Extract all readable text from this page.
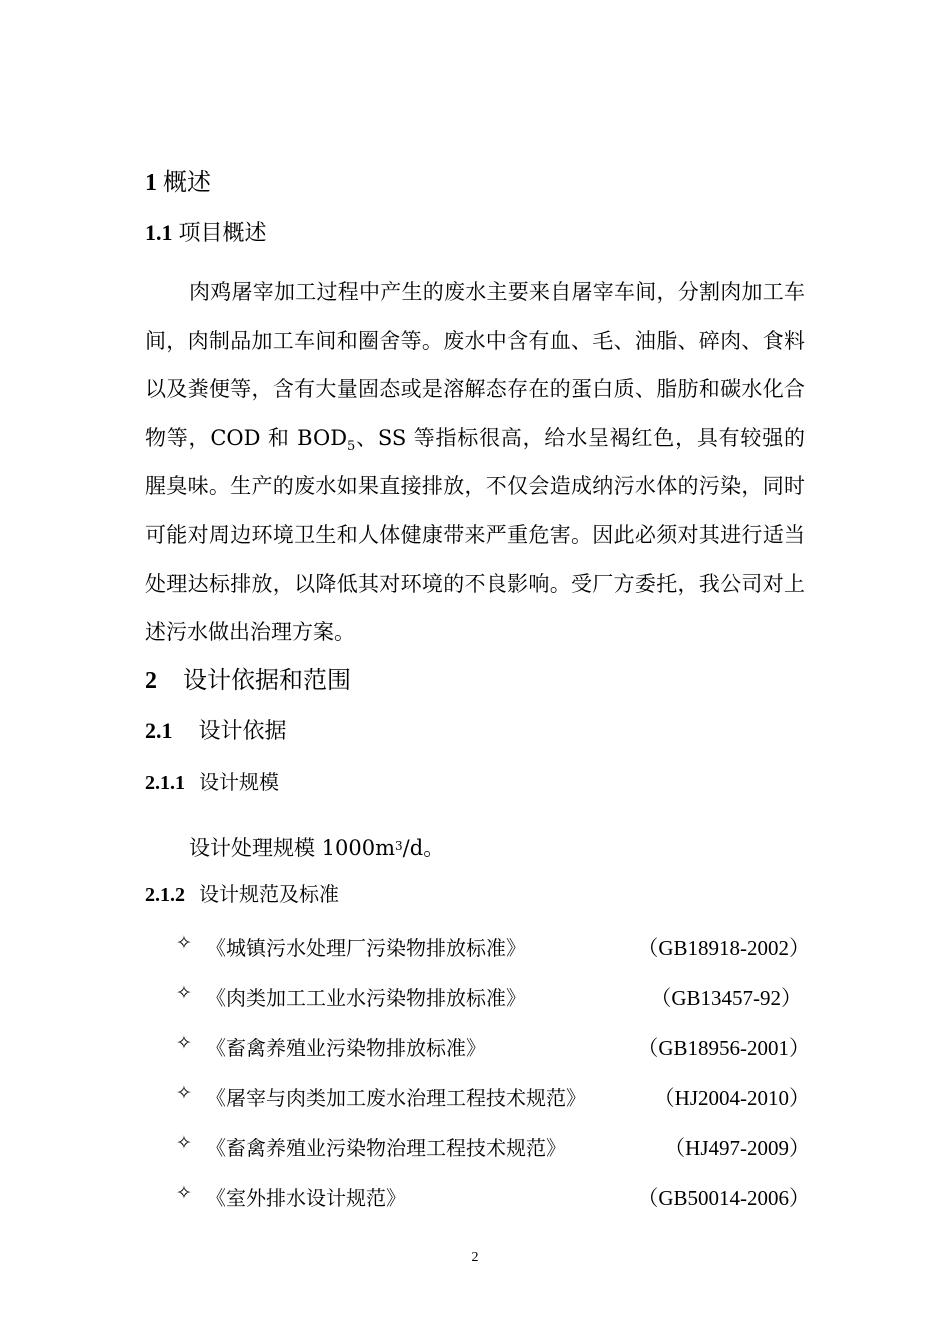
1 概述
1.1 项目概述

肉鸡屠宰加工过程中产生的废水主要来自屠宰车间，分割肉加工车间，肉制品加工车间和圈舍等。废水中含有血、毛、油脂、碎肉、食料以及粪便等，含有大量固态或是溶解态存在的蛋白质、脂肪和碳水化合物等，COD 和 $BOD_5$、SS 等指标很高，给水呈褐红色，具有较强的腥臭味。生产的废水如果直接排放，不仅会造成纳污水体的污染，同时可能对周边环境卫生和人体健康带来严重危害。因此必须对其进行适当处理达标排放，以降低其对环境的不良影响。受厂方委托，我公司对上述污水做出治理方案。

2 设计依据和范围
2.1 设计依据
2.1.1 设计规模
设计处理规模 $1000m^3/d$。
2.1.2 设计规范及标准
✧ 《城镇污水处理厂污染物排放标准》	（GB18918-2002）
✧ 《肉类加工工业水污染物排放标准》	（GB13457-92）
✧ 《畜禽养殖业污染物排放标准》	（GB18956-2001）
✧ 《屠宰与肉类加工废水治理工程技术规范》	（HJ2004-2010）
✧ 《畜禽养殖业污染物治理工程技术规范》	（HJ497-2009）
✧ 《室外排水设计规范》	（GB50014-2006）
2
